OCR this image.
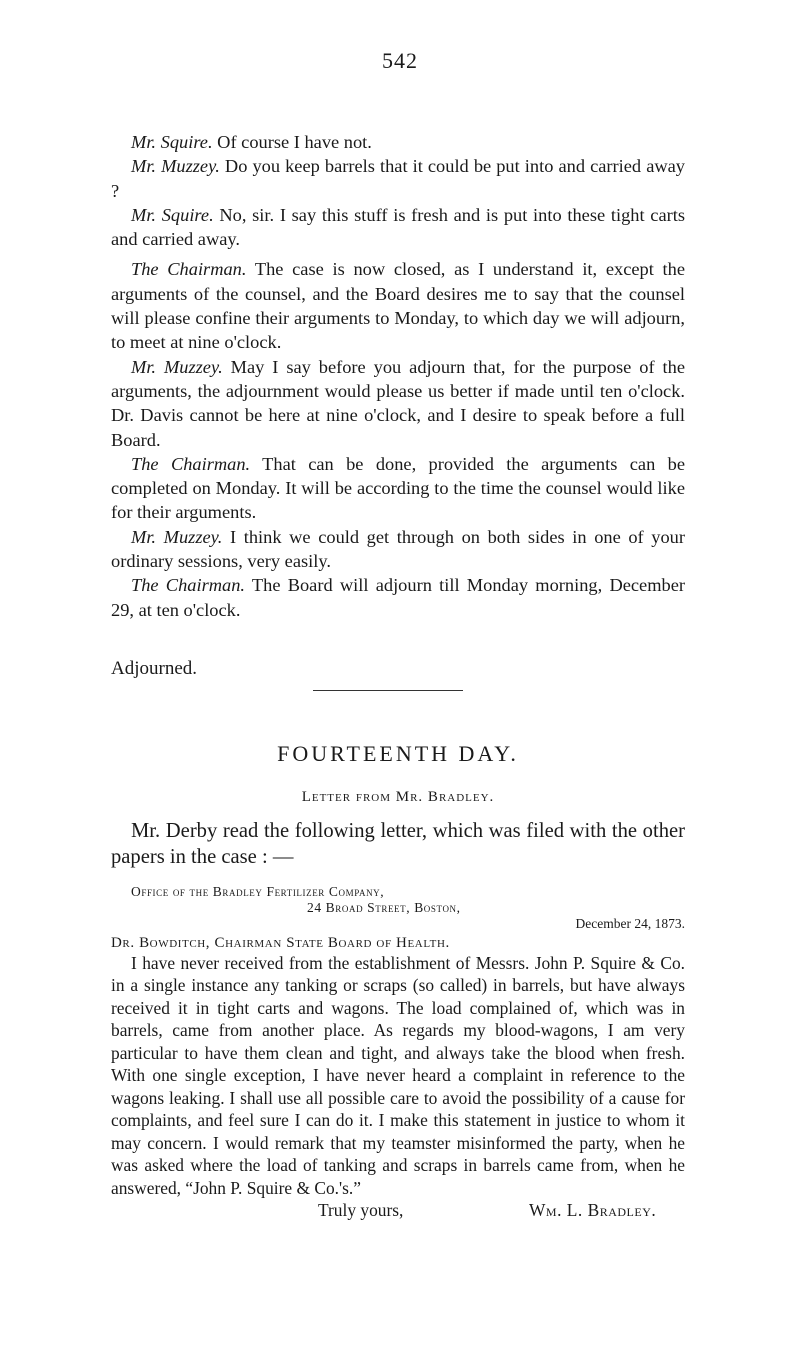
542

Mr. Squire. Of course I have not.

Mr. Muzzey. Do you keep barrels that it could be put into and carried away ?

Mr. Squire. No, sir. I say this stuff is fresh and is put into these tight carts and carried away.

The Chairman. The case is now closed, as I understand it, except the arguments of the counsel, and the Board desires me to say that the counsel will please confine their arguments to Monday, to which day we will adjourn, to meet at nine o'clock.

Mr. Muzzey. May I say before you adjourn that, for the purpose of the arguments, the adjournment would please us better if made until ten o'clock. Dr. Davis cannot be here at nine o'clock, and I desire to speak before a full Board.

The Chairman. That can be done, provided the arguments can be completed on Monday. It will be according to the time the counsel would like for their arguments.

Mr. Muzzey. I think we could get through on both sides in one of your ordinary sessions, very easily.

The Chairman. The Board will adjourn till Monday morning, December 29, at ten o'clock.

Adjourned.
FOURTEENTH DAY.
Letter from Mr. Bradley.

Mr. Derby read the following letter, which was filed with the other papers in the case : —

Office of the Bradley Fertilizer Company,
24 Broad Street, Boston,
December 24, 1873.
Dr. Bowditch, Chairman State Board of Health.

I have never received from the establishment of Messrs. John P. Squire & Co. in a single instance any tanking or scraps (so called) in barrels, but have always received it in tight carts and wagons. The load complained of, which was in barrels, came from another place. As regards my blood-wagons, I am very particular to have them clean and tight, and always take the blood when fresh. With one single exception, I have never heard a complaint in reference to the wagons leaking. I shall use all possible care to avoid the possibility of a cause for complaints, and feel sure I can do it. I make this statement in justice to whom it may concern. I would remark that my teamster misinformed the party, when he was asked where the load of tanking and scraps in barrels came from, when he answered, “John P. Squire & Co.'s.”

Truly yours,	Wm. L. Bradley.
